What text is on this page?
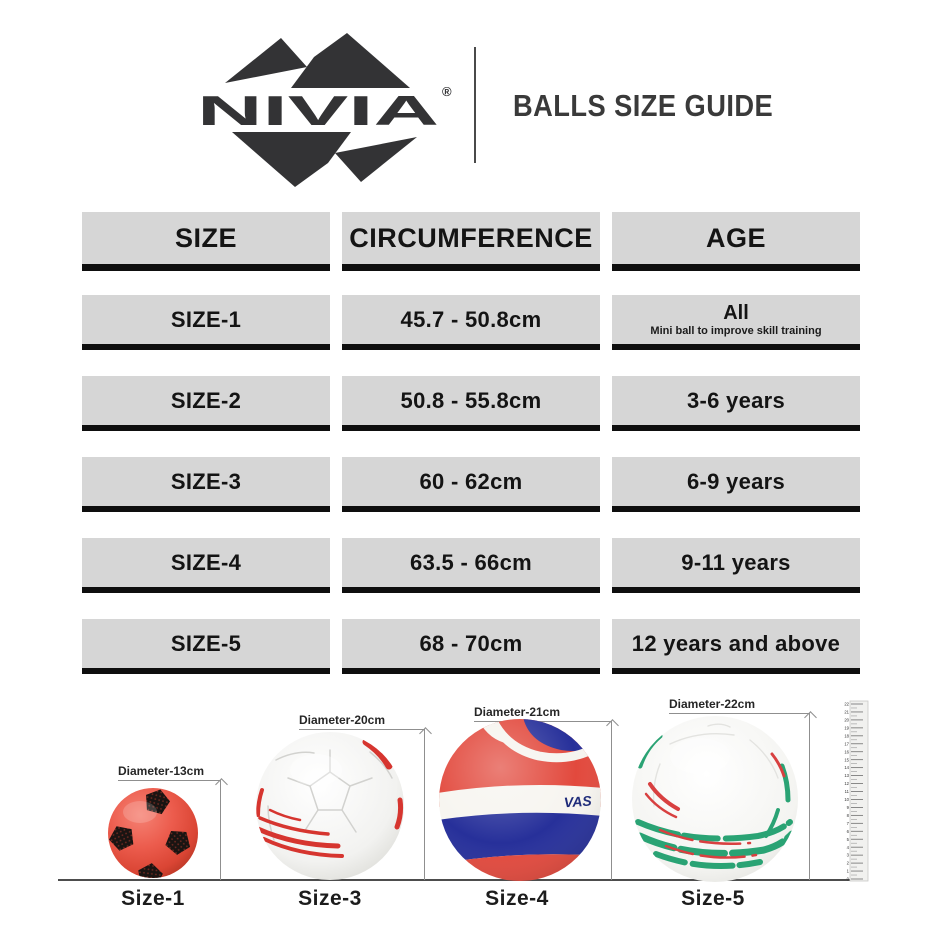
NIVIA ® BALLS SIZE GUIDE
SIZE	CIRCUMFERENCE	AGE
SIZE-1	45.7 - 50.8cm	All
Mini ball to improve skill training
SIZE-2	50.8 - 55.8cm	3-6 years
SIZE-3	60 - 62cm	6-9 years
SIZE-4	63.5 - 66cm	9-11 years
SIZE-5	68 - 70cm	12 years and above
Diameter-13cm
Size-1
Diameter-20cm
Size-3
Diameter-21cm
Size-4
Diameter-22cm
Size-5
0
1
2
3
4
5
6
7
8
9
10
11
12
13
14
15
16
17
18
19
20
21
22
